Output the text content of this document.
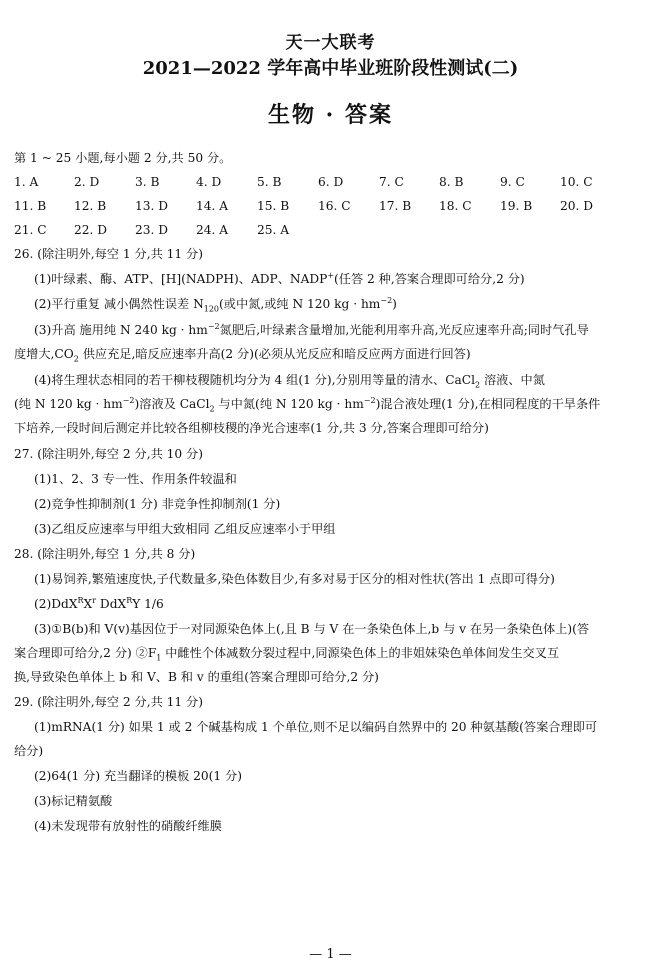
天一大联考
2021—2022 学年高中毕业班阶段性测试(二)
生物 · 答案
第 1 ~ 25 小题,每小题 2 分,共 50 分。
1. A	2. D	3. B	4. D	5. B	6. D	7. C	8. B	9. C	10. C
11. B 12. B 13. D 14. A 15. B 16. C 17. B 18. C 19. B 20. D
21. C 22. D 23. D 24. A 25. A
26. (除注明外,每空 1 分,共 11 分)
(1)叶绿素、酶、ATP、[H](NADPH)、ADP、NADP+(任答 2 种,答案合理即可给分,2 分)
(2)平行重复 减小偶然性误差 $N_{120}$(或中氮,或纯 N 120 kg · $hm^{-2}$)
(3)升高 施用纯 N 240 kg · $hm^{-2}$氮肥后,叶绿素含量增加,光能利用率升高,光反应速率升高;同时气孔导
度增大$,CO_2$ 供应充足,暗反应速率升高(2 分)(必须从光反应和暗反应两方面进行回答)
(4)将生理状态相同的若干柳枝稷随机均分为 4 组(1 分),分别用等量的清水、CaCl$_2$ 溶液、中氮
(纯 N 120 kg · $hm^{-2}$)溶液及 CaCl$_2$ 与中氮(纯 N 120 kg · $hm^{-2}$)混合液处理(1 分),在相同程度的干旱条件
下培养,一段时间后测定并比较各组柳枝稷的净光合速率(1 分,共 3 分,答案合理即可给分)
27. (除注明外,每空 2 分,共 10 分)
(1)1、2、3 专一性、作用条件较温和
(2)竞争性抑制剂(1 分) 非竞争性抑制剂(1 分)
(3)乙组反应速率与甲组大致相同 乙组反应速率小于甲组
28. (除注明外,每空 1 分,共 8 分)
(1)易饲养,繁殖速度快,子代数量多,染色体数目少,有多对易于区分的相对性状(答出 1 点即可得分)
$(2)DdX^RX^r$ DdX$^R$Y 1/6
(3)①B(b)和 V(v)基因位于一对同源染色体上(,且 B 与 V 在一条染色体上,b 与 v 在另一条染色体上)(答
案合理即可给分,2 分) $②F_1$ 中雌性个体减数分裂过程中,同源染色体上的非姐妹染色单体间发生交叉互
换,导致染色单体上 b 和 V、B 和 v 的重组(答案合理即可给分,2 分)
29. (除注明外,每空 2 分,共 11 分)
(1)mRNA(1 分) 如果 1 或 2 个碱基构成 1 个单位,则不足以编码自然界中的 20 种氨基酸(答案合理即可
给分)
(2)64(1 分) 充当翻译的模板 20(1 分)
(3)标记精氨酸
(4)未发现带有放射性的硝酸纤维膜
— 1 —
